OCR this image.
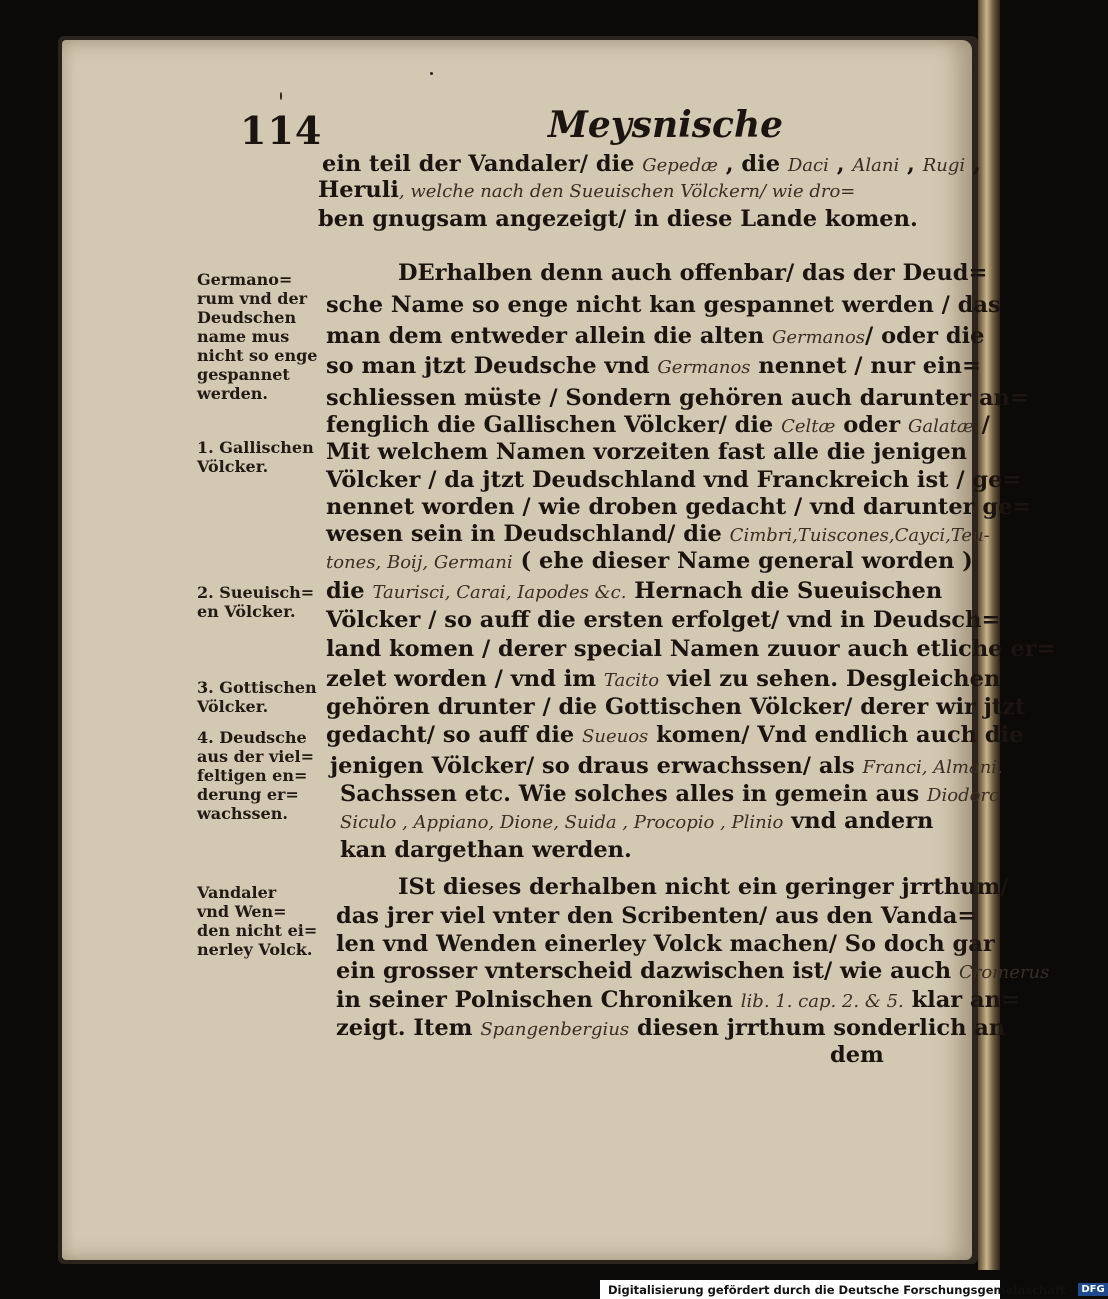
114	Meysnische
ein teil der Vandaler/ die Gepedæ , die Daci , Alani , Rugi ,
Heruli, welche nach den Sueuischen Völckern/ wie dro=
ben gnugsam angezeigt/ in diese Lande komen.
DErhalben denn auch offenbar/ das der Deud=
sche Name so enge nicht kan gespannet werden / das
man dem entweder allein die alten Germanos/ oder die
so man jtzt Deudsche vnd Germanos nennet / nur ein=
schliessen müste / Sondern gehören auch darunter an=
fenglich die Gallischen Völcker/ die Celtæ oder Galatæ /
Mit welchem Namen vorzeiten fast alle die jenigen
Völcker / da jtzt Deudschland vnd Franckreich ist / ge=
nennet worden / wie droben gedacht / vnd darunter ge=
wesen sein in Deudschland/ die Cimbri,Tuiscones,Cayci,Teu-
tones, Boij, Germani ( ehe dieser Name general worden )
die Taurisci, Carai, Iapodes &c. Hernach die Sueuischen
Völcker / so auff die ersten erfolget/ vnd in Deudsch=
land komen / derer special Namen zuuor auch etliche er=
zelet worden / vnd im Tacito viel zu sehen. Desgleichen
gehören drunter / die Gottischen Völcker/ derer wir jtzt
gedacht/ so auff die Sueuos komen/ Vnd endlich auch die
jenigen Völcker/ so draus erwachssen/ als Franci, Almani,
Sachssen etc. Wie solches alles in gemein aus Diodoro
Siculo , Appiano, Dione, Suida , Procopio , Plinio vnd andern
kan dargethan werden.
ISt dieses derhalben nicht ein geringer jrrthum/
das jrer viel vnter den Scribenten/ aus den Vanda=
len vnd Wenden einerley Volck machen/ So doch gar
ein grosser vnterscheid dazwischen ist/ wie auch Cromerus
in seiner Polnischen Chroniken lib. 1. cap. 2. & 5. klar an=
zeigt. Item Spangenbergius diesen jrrthum sonderlich an
dem
Germano=
rum vnd der
Deudschen
name mus
nicht so enge
gespannet
werden.
1. Gallischen
Völcker.
2. Sueuisch=
en Völcker.
3. Gottischen
Völcker.
4. Deudsche
aus der viel=
feltigen en=
derung er=
wachssen.
Vandaler
vnd Wen=
den nicht ei=
nerley Volck.
Digitalisierung gefördert durch die Deutsche Forschungsgemeinschaft - DFG
